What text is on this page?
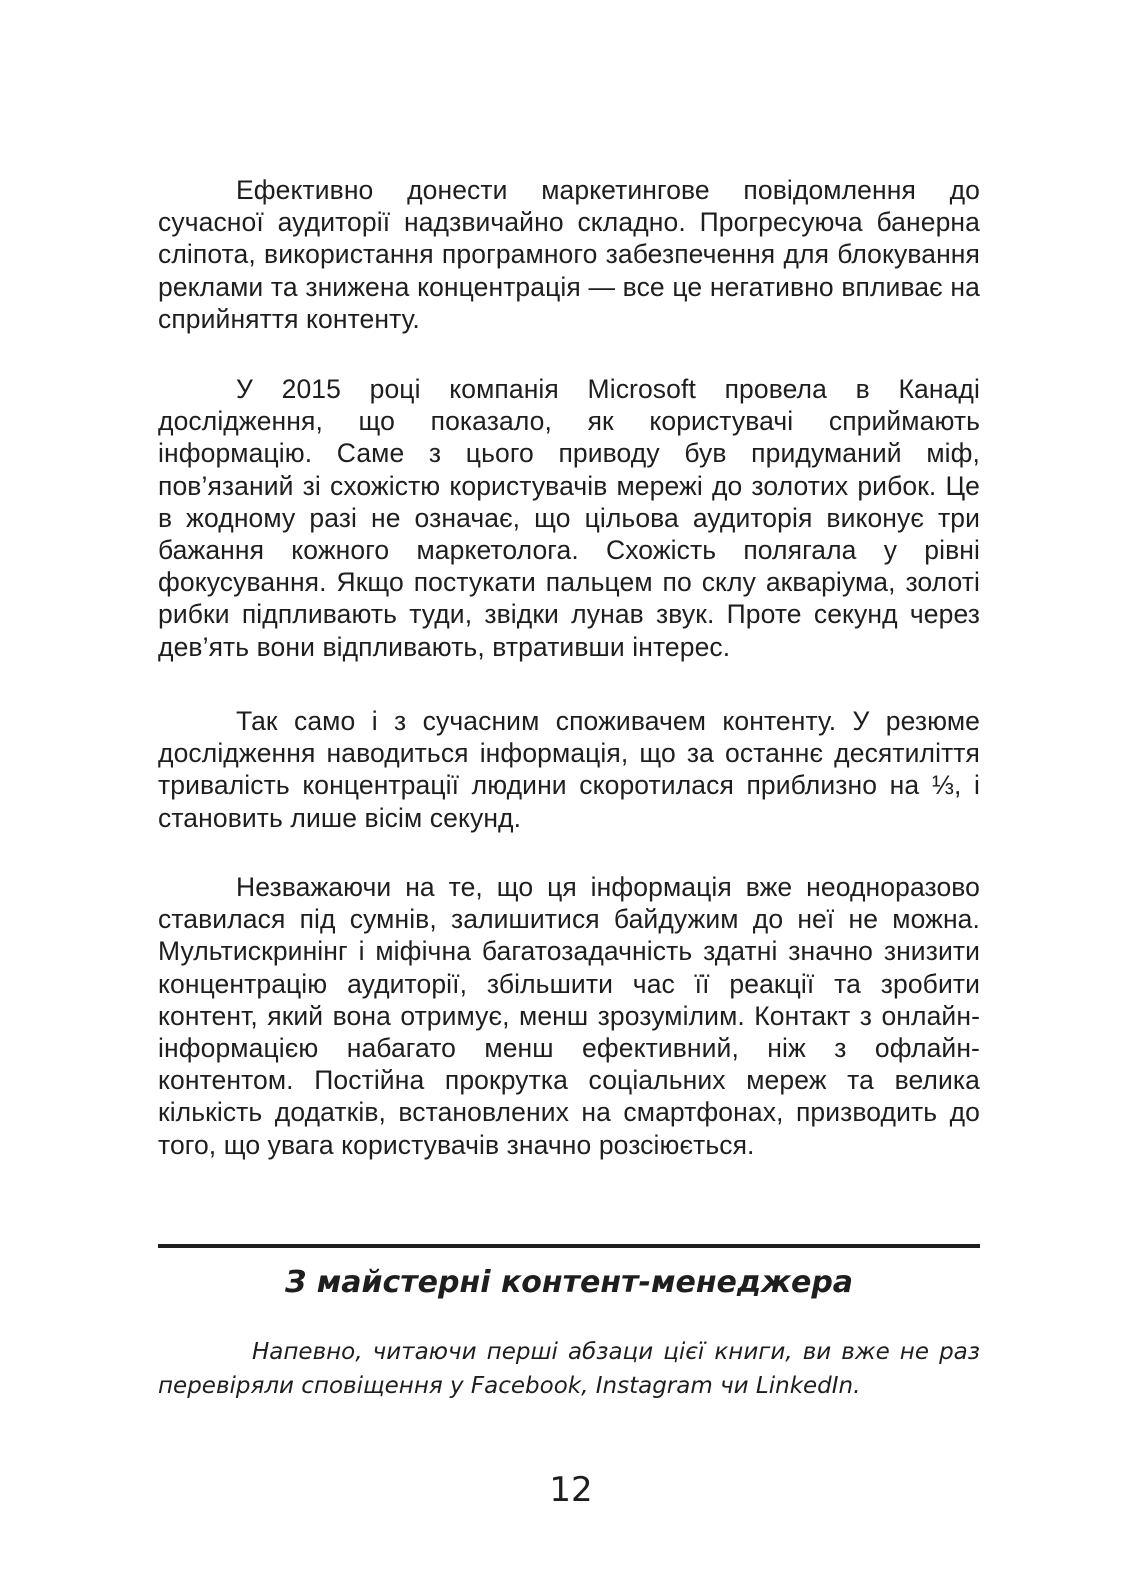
Ефективно донести маркетингове повідомлення до сучасної аудиторії надзвичайно складно. Прогресуюча банерна сліпота, використання програмного забезпечення для блокування реклами та знижена концентрація — все це негативно впливає на сприйняття контенту.

У 2015 році компанія Microsoft провела в Канаді дослідження, що показало, як користувачі сприймають інформацію. Саме з цього приводу був придуманий міф, пов’язаний зі схожістю користувачів мережі до золотих рибок. Це в жодному разі не означає, що цільова аудиторія виконує три бажання кожного маркетолога. Схожість полягала у рівні фокусування. Якщо постукати пальцем по склу акваріума, золоті рибки підпливають туди, звідки лунав звук. Проте секунд через дев’ять вони відпливають, втративши інтерес.

Так само і з сучасним споживачем контенту. У резюме дослідження наводиться інформація, що за останнє десятиліття тривалість концентрації людини скоротилася приблизно на ⅓, і становить лише вісім секунд.

Незважаючи на те, що ця інформація вже неодноразово ставилася під сумнів, залишитися байдужим до неї не можна. Мультискринінг і міфічна багатозадачність здатні значно знизити концентрацію аудиторії, збільшити час її реакції та зробити контент, який вона отримує, менш зрозумілим. Контакт з онлайн-інформацією набагато менш ефективний, ніж з офлайн-контентом. Постійна прокрутка соціальних мереж та велика кількість додатків, встановлених на смартфонах, призводить до того, що увага користувачів значно розсіюється.

З майстерні контент-менеджера

Напевно, читаючи перші абзаци цієї книги, ви вже не раз перевіряли сповіщення у Facebook, Instagram чи LinkedIn.

12
